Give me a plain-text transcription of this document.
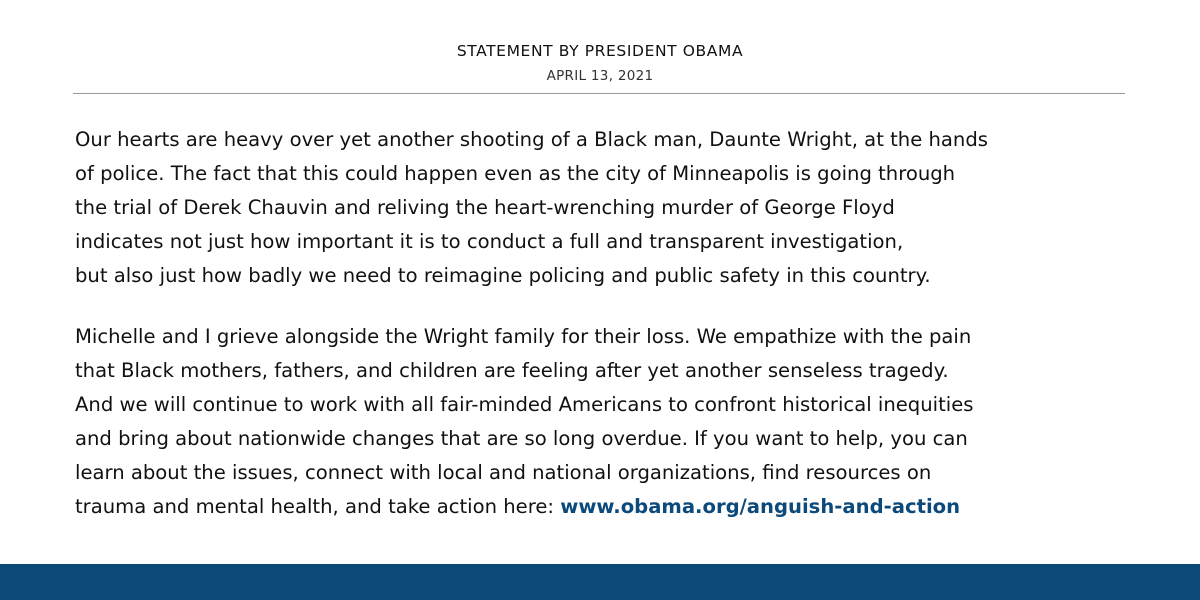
STATEMENT BY PRESIDENT OBAMA
APRIL 13, 2021

Our hearts are heavy over yet another shooting of a Black man, Daunte Wright, at the hands
of police. The fact that this could happen even as the city of Minneapolis is going through
the trial of Derek Chauvin and reliving the heart-wrenching murder of George Floyd
indicates not just how important it is to conduct a full and transparent investigation,
but also just how badly we need to reimagine policing and public safety in this country.

Michelle and I grieve alongside the Wright family for their loss. We empathize with the pain
that Black mothers, fathers, and children are feeling after yet another senseless tragedy.
And we will continue to work with all fair-minded Americans to confront historical inequities
and bring about nationwide changes that are so long overdue. If you want to help, you can
learn about the issues, connect with local and national organizations, find resources on
trauma and mental health, and take action here: www.obama.org/anguish-and-action
